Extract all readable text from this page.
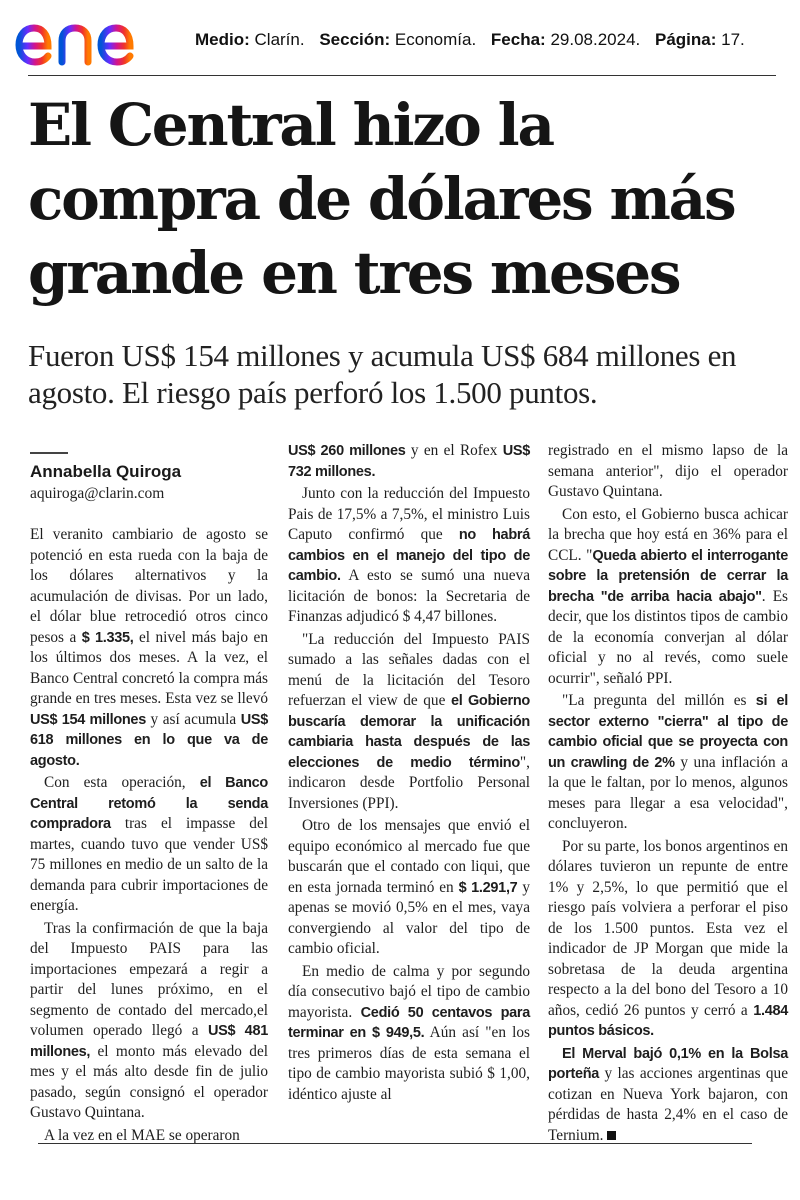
Medio: Clarín. Sección: Economía. Fecha: 29.08.2024. Página: 17.
El Central hizo la compra de dólares más grande en tres meses

Fueron US$ 154 millones y acumula US$ 684 millones en agosto. El riesgo país perforó los 1.500 puntos.

Annabella Quiroga
aquiroga@clarin.com

El veranito cambiario de agosto se potenció en esta rueda con la baja de los dólares alternativos y la acumulación de divisas. Por un lado, el dólar blue retrocedió otros cinco pesos a $ 1.335, el nivel más bajo en los últimos dos meses. A la vez, el Banco Central concretó la compra más grande en tres meses. Esta vez se llevó US$ 154 millones y así acumula US$ 618 millones en lo que va de agosto.

Con esta operación, el Banco Central retomó la senda compradora tras el impasse del martes, cuando tuvo que vender US$ 75 millones en medio de un salto de la demanda para cubrir importaciones de energía.

Tras la confirmación de que la baja del Impuesto PAIS para las importaciones empezará a regir a partir del lunes próximo, en el segmento de contado del mercado,el volumen operado llegó a US$ 481 millones, el monto más elevado del mes y el más alto desde fin de julio pasado, según consignó el operador Gustavo Quintana.

A la vez en el MAE se operaron

US$ 260 millones y en el Rofex US$ 732 millones.

Junto con la reducción del Impuesto Pais de 17,5% a 7,5%, el ministro Luis Caputo confirmó que no habrá cambios en el manejo del tipo de cambio. A esto se sumó una nueva licitación de bonos: la Secretaria de Finanzas adjudicó $ 4,47 billones.

"La reducción del Impuesto PAIS sumado a las señales dadas con el menú de la licitación del Tesoro refuerzan el view de que el Gobierno buscaría demorar la unificación cambiaria hasta después de las elecciones de medio término", indicaron desde Portfolio Personal Inversiones (PPI).

Otro de los mensajes que envió el equipo económico al mercado fue que buscarán que el contado con liqui, que en esta jornada terminó en $ 1.291,7 y apenas se movió 0,5% en el mes, vaya convergiendo al valor del tipo de cambio oficial.

En medio de calma y por segundo día consecutivo bajó el tipo de cambio mayorista. Cedió 50 centavos para terminar en $ 949,5. Aún así "en los tres primeros días de esta semana el tipo de cambio mayorista subió $ 1,00, idéntico ajuste al

registrado en el mismo lapso de la semana anterior", dijo el operador Gustavo Quintana.

Con esto, el Gobierno busca achicar la brecha que hoy está en 36% para el CCL. "Queda abierto el interrogante sobre la pretensión de cerrar la brecha "de arriba hacia abajo". Es decir, que los distintos tipos de cambio de la economía converjan al dólar oficial y no al revés, como suele ocurrir", señaló PPI.

"La pregunta del millón es si el sector externo "cierra" al tipo de cambio oficial que se proyecta con un crawling de 2% y una inflación a la que le faltan, por lo menos, algunos meses para llegar a esa velocidad", concluyeron.

Por su parte, los bonos argentinos en dólares tuvieron un repunte de entre 1% y 2,5%, lo que permitió que el riesgo país volviera a perforar el piso de los 1.500 puntos. Esta vez el indicador de JP Morgan que mide la sobretasa de la deuda argentina respecto a la del bono del Tesoro a 10 años, cedió 26 puntos y cerró a 1.484 puntos básicos.

El Merval bajó 0,1% en la Bolsa porteña y las acciones argentinas que cotizan en Nueva York bajaron, con pérdidas de hasta 2,4% en el caso de Ternium.
